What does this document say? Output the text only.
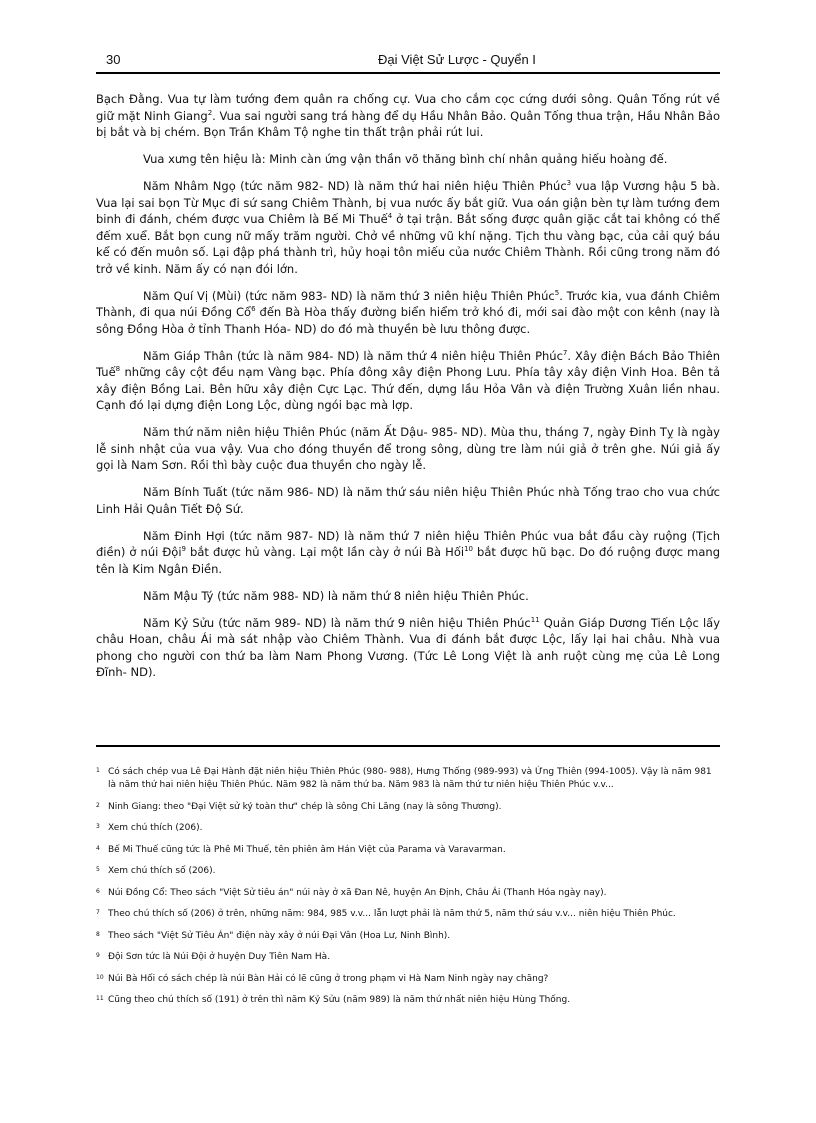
30	Đại Việt Sử Lược - Quyển I

Bạch Đằng. Vua tự làm tướng đem quân ra chống cự. Vua cho cắm cọc cứng dưới sông. Quân Tống rút về giữ mặt Ninh Giang$^2$. Vua sai người sang trá hàng để dụ Hầu Nhân Bảo. Quân Tống thua trận, Hầu Nhân Bảo bị bắt và bị chém. Bọn Trần Khâm Tộ nghe tin thất trận phải rút lui.

Vua xưng tên hiệu là: Minh càn ứng vận thần võ thăng bình chí nhân quảng hiếu hoàng đế.

Năm Nhâm Ngọ (tức năm 982- ND) là năm thứ hai niên hiệu Thiên Phúc$^3$ vua lập Vương hậu 5 bà. Vua lại sai bọn Từ Mục đi sứ sang Chiêm Thành, bị vua nước ấy bắt giữ. Vua oán giận bèn tự làm tướng đem binh đi đánh, chém được vua Chiêm là Bế Mi Thuế$^4$ ở tại trận. Bắt sống được quân giặc cắt tai không có thể đếm xuể. Bắt bọn cung nữ mấy trăm người. Chở về những vũ khí nặng. Tịch thu vàng bạc, của cải quý báu kể có đến muôn số. Lại đập phá thành trì, hủy hoại tôn miếu của nước Chiêm Thành. Rồi cũng trong năm đó trở về kinh. Năm ấy có nạn đói lớn.

Năm Quí Vị (Mùi) (tức năm 983- ND) là năm thứ 3 niên hiệu Thiên Phúc$^5$. Trước kia, vua đánh Chiêm Thành, đi qua núi Đồng Cổ$^6$ đến Bà Hòa thấy đường biển hiểm trở khó đi, mới sai đào một con kênh (nay là sông Đồng Hòa ở tỉnh Thanh Hóa- ND) do đó mà thuyền bè lưu thông được.

Năm Giáp Thân (tức là năm 984- ND) là năm thứ 4 niên hiệu Thiên Phúc$^7$. Xây điện Bách Bảo Thiên Tuế$^8$ những cây cột đều nạm Vàng bạc. Phía đông xây điện Phong Lưu. Phía tây xây điện Vinh Hoa. Bên tả xây điện Bồng Lai. Bên hữu xây điện Cực Lạc. Thứ đến, dựng lầu Hỏa Vân và điện Trường Xuân liền nhau. Cạnh đó lại dựng điện Long Lộc, dùng ngói bạc mà lợp.

Năm thứ năm niên hiệu Thiên Phúc (năm Ất Dậu- 985- ND). Mùa thu, tháng 7, ngày Đinh Tỵ là ngày lễ sinh nhật của vua vậy. Vua cho đóng thuyền để trong sông, dùng tre làm núi giả ở trên ghe. Núi giả ấy gọi là Nam Sơn. Rồi thì bày cuộc đua thuyền cho ngày lễ.

Năm Bính Tuất (tức năm 986- ND) là năm thứ sáu niên hiệu Thiên Phúc nhà Tống trao cho vua chức Linh Hải Quân Tiết Độ Sứ.

Năm Đinh Hợi (tức năm 987- ND) là năm thứ 7 niên hiệu Thiên Phúc vua bắt đầu cày ruộng (Tịch điền) ở núi Đội$^9$ bắt được hủ vàng. Lại một lần cày ở núi Bà Hối$^{10}$ bắt được hũ bạc. Do đó ruộng được mang tên là Kim Ngân Điền.

Năm Mậu Tý (tức năm 988- ND) là năm thứ 8 niên hiệu Thiên Phúc.

Năm Kỷ Sửu (tức năm 989- ND) là năm thứ 9 niên hiệu Thiên Phúc$^{11}$ Quản Giáp Dương Tiến Lộc lấy châu Hoan, châu Ái mà sát nhập vào Chiêm Thành. Vua đi đánh bắt được Lộc, lấy lại hai châu. Nhà vua phong cho người con thứ ba làm Nam Phong Vương. (Tức Lê Long Việt là anh ruột cùng mẹ của Lê Long Đĩnh- ND).

1 Có sách chép vua Lê Đại Hành đặt niên hiệu Thiên Phúc (980- 988), Hưng Thống (989-993) và Ứng Thiên (994-1005). Vậy là năm 981 là năm thứ hai niên hiệu Thiên Phúc. Năm 982 là năm thứ ba. Năm 983 là năm thứ tư niên hiệu Thiên Phúc v.v...
2 Ninh Giang: theo "Đại Việt sử ký toàn thư" chép là sông Chi Lăng (nay là sông Thương).
3 Xem chú thích (206).
4 Bế Mi Thuế cũng tức là Phê Mi Thuế, tên phiên âm Hán Việt của Parama và Varavarman.
5 Xem chú thích số (206).
6 Núi Đồng Cổ: Theo sách "Việt Sử tiêu án" núi này ở xã Đan Nê, huyện An Định, Châu Ái (Thanh Hóa ngày nay).
7 Theo chú thích số (206) ở trên, những năm: 984, 985 v.v... lẫn lượt phải là năm thứ 5, năm thứ sáu v.v... niên hiệu Thiên Phúc.
8 Theo sách "Việt Sử Tiêu Án" điện này xây ở núi Đại Vân (Hoa Lư, Ninh Bình).
9 Đội Sơn tức là Núi Đội ở huyện Duy Tiên Nam Hà.
10 Núi Bà Hối có sách chép là núi Bàn Hải có lẽ cũng ở trong phạm vi Hà Nam Ninh ngày nay chăng?
11 Cũng theo chú thích số (191) ở trên thì năm Kỷ Sửu (năm 989) là năm thứ nhất niên hiệu Hùng Thống.
